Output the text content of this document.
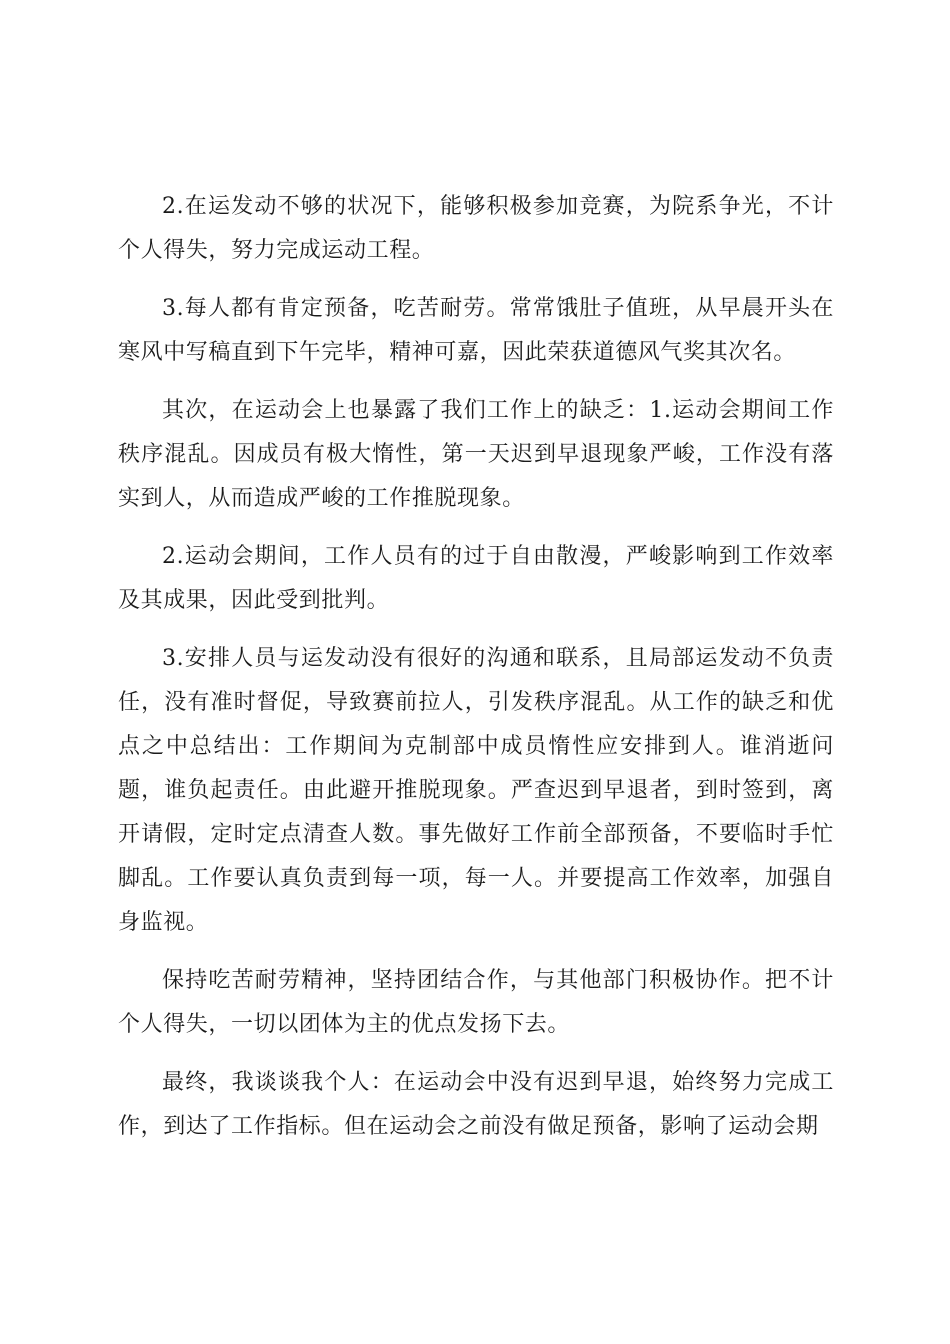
2.在运发动不够的状况下，能够积极参加竞赛，为院系争光，不计个人得失，努力完成运动工程。

3.每人都有肯定预备，吃苦耐劳。常常饿肚子值班，从早晨开头在寒风中写稿直到下午完毕，精神可嘉，因此荣获道德风气奖其次名。

其次，在运动会上也暴露了我们工作上的缺乏：1.运动会期间工作秩序混乱。因成员有极大惰性，第一天迟到早退现象严峻，工作没有落实到人，从而造成严峻的工作推脱现象。

2.运动会期间，工作人员有的过于自由散漫，严峻影响到工作效率及其成果，因此受到批判。

3.安排人员与运发动没有很好的沟通和联系，且局部运发动不负责任，没有准时督促，导致赛前拉人，引发秩序混乱。从工作的缺乏和优点之中总结出：工作期间为克制部中成员惰性应安排到人。谁消逝问题，谁负起责任。由此避开推脱现象。严查迟到早退者，到时签到，离开请假，定时定点清查人数。事先做好工作前全部预备，不要临时手忙脚乱。工作要认真负责到每一项，每一人。并要提高工作效率，加强自身监视。

保持吃苦耐劳精神，坚持团结合作，与其他部门积极协作。把不计个人得失，一切以团体为主的优点发扬下去。

最终，我谈谈我个人：在运动会中没有迟到早退，始终努力完成工作，到达了工作指标。但在运动会之前没有做足预备，影响了运动会期
